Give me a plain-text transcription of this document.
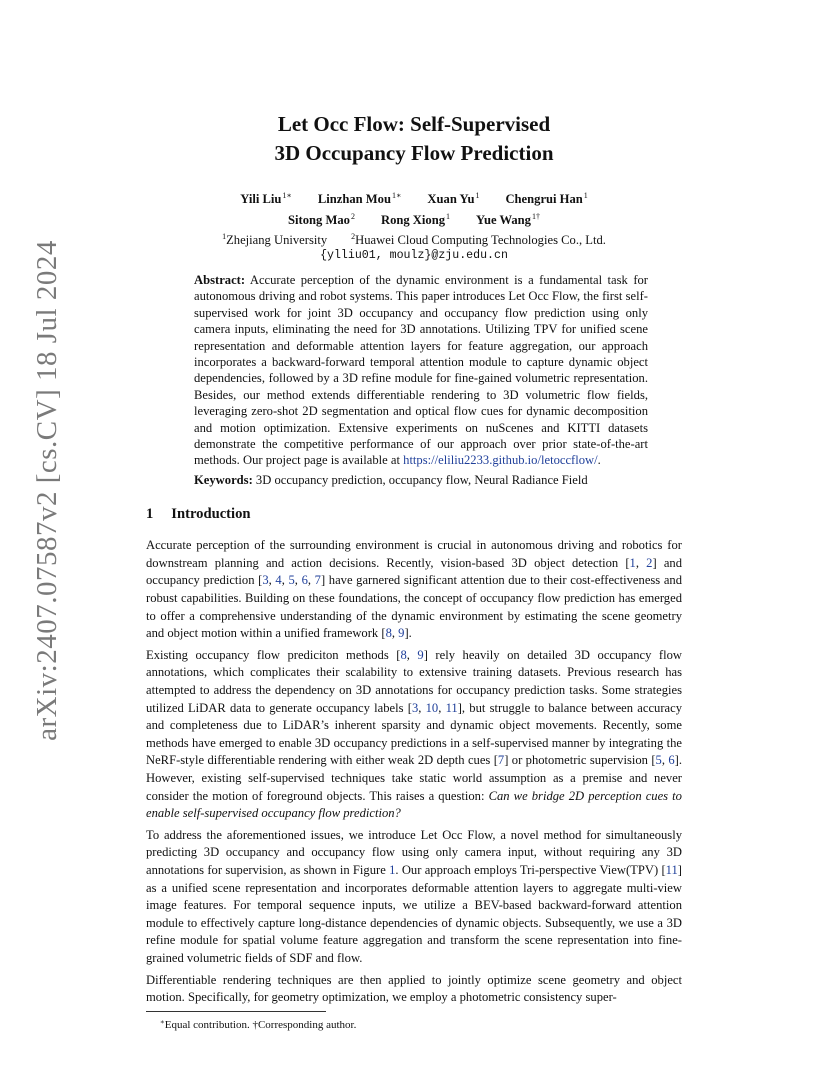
arXiv:2407.07587v2 [cs.CV] 18 Jul 2024
Let Occ Flow: Self-Supervised
3D Occupancy Flow Prediction
Yili Liu$^{1∗}$ Linzhan Mou$^{1∗}$ Xuan Yu$^1$ Chengrui Han$^1$
Sitong Mao$^2$ Rong Xiong$^1$ Yue Wang$^{1\dagger}$
$^1$Zhejiang University	$^2$Huawei Cloud Computing Technologies Co., Ltd.
{ylliu01, moulz}@zju.edu.cn
Abstract: Accurate perception of the dynamic environment is a fundamental task for autonomous driving and robot systems. This paper introduces Let Occ Flow, the first self-supervised work for joint 3D occupancy and occupancy flow prediction using only camera inputs, eliminating the need for 3D annotations. Utilizing TPV for unified scene representation and deformable attention layers for feature aggregation, our approach incorporates a backward-forward temporal attention module to capture dynamic object dependencies, followed by a 3D refine module for fine-gained volumetric representation. Besides, our method extends differentiable rendering to 3D volumetric flow fields, leveraging zero-shot 2D segmentation and optical flow cues for dynamic decomposition and motion optimization. Extensive experiments on nuScenes and KITTI datasets demonstrate the competitive performance of our approach over prior state-of-the-art methods. Our project page is available at https://eliliu2233.github.io/letoccflow/.
Keywords: 3D occupancy prediction, occupancy flow, Neural Radiance Field
1 Introduction

Accurate perception of the surrounding environment is crucial in autonomous driving and robotics for downstream planning and action decisions. Recently, vision-based 3D object detection [1, 2] and occupancy prediction [3, 4, 5, 6, 7] have garnered significant attention due to their cost-effectiveness and robust capabilities. Building on these foundations, the concept of occupancy flow prediction has emerged to offer a comprehensive understanding of the dynamic environment by estimating the scene geometry and object motion within a unified framework [8, 9].

Existing occupancy flow prediciton methods [8, 9] rely heavily on detailed 3D occupancy flow annotations, which complicates their scalability to extensive training datasets. Previous research has attempted to address the dependency on 3D annotations for occupancy prediction tasks. Some strategies utilized LiDAR data to generate occupancy labels [3, 10, 11], but struggle to balance between accuracy and completeness due to LiDAR’s inherent sparsity and dynamic object movements. Recently, some methods have emerged to enable 3D occupancy predictions in a self-supervised manner by integrating the NeRF-style differentiable rendering with either weak 2D depth cues [7] or photometric supervision [5, 6]. However, existing self-supervised techniques take static world assumption as a premise and never consider the motion of foreground objects. This raises a question: Can we bridge 2D perception cues to enable self-supervised occupancy flow prediction?

To address the aforementioned issues, we introduce Let Occ Flow, a novel method for simultaneously predicting 3D occupancy and occupancy flow using only camera input, without requiring any 3D annotations for supervision, as shown in Figure 1. Our approach employs Tri-perspective View(TPV) [11] as a unified scene representation and incorporates deformable attention layers to aggregate multi-view image features. For temporal sequence inputs, we utilize a BEV-based backward-forward attention module to effectively capture long-distance dependencies of dynamic objects. Subsequently, we use a 3D refine module for spatial volume feature aggregation and transform the scene representation into fine-grained volumetric fields of SDF and flow.

Differentiable rendering techniques are then applied to jointly optimize scene geometry and object motion. Specifically, for geometry optimization, we employ a photometric consistency super-

∗Equal contribution. †Corresponding author.
